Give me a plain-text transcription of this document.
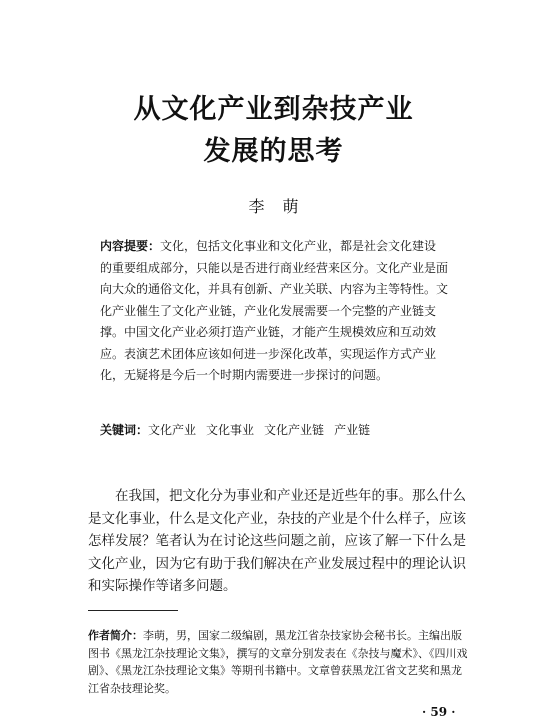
从文化产业到杂技产业
发展的思考
李萌
内容提要：文化，包括文化事业和文化产业，都是社会文化建设的重要组成部分，只能以是否进行商业经营来区分。文化产业是面向大众的通俗文化，并具有创新、产业关联、内容为主等特性。文化产业催生了文化产业链，产业化发展需要一个完整的产业链支撑。中国文化产业必须打造产业链，才能产生规模效应和互动效应。表演艺术团体应该如何进一步深化改革，实现运作方式产业化，无疑将是今后一个时期内需要进一步探讨的问题。
关键词：文化产业 文化事业 文化产业链 产业链
在我国，把文化分为事业和产业还是近些年的事。那么什么是文化事业，什么是文化产业，杂技的产业是个什么样子，应该怎样发展？笔者认为在讨论这些问题之前，应该了解一下什么是文化产业，因为它有助于我们解决在产业发展过程中的理论认识和实际操作等诸多问题。
作者简介：李萌，男，国家二级编剧，黑龙江省杂技家协会秘书长。主编出版图书《黑龙江杂技理论文集》，撰写的文章分别发表在《杂技与魔术》、《四川戏剧》、《黑龙江杂技理论文集》等期刊书籍中。文章曾获黑龙江省文艺奖和黑龙江省杂技理论奖。
· 59 ·
